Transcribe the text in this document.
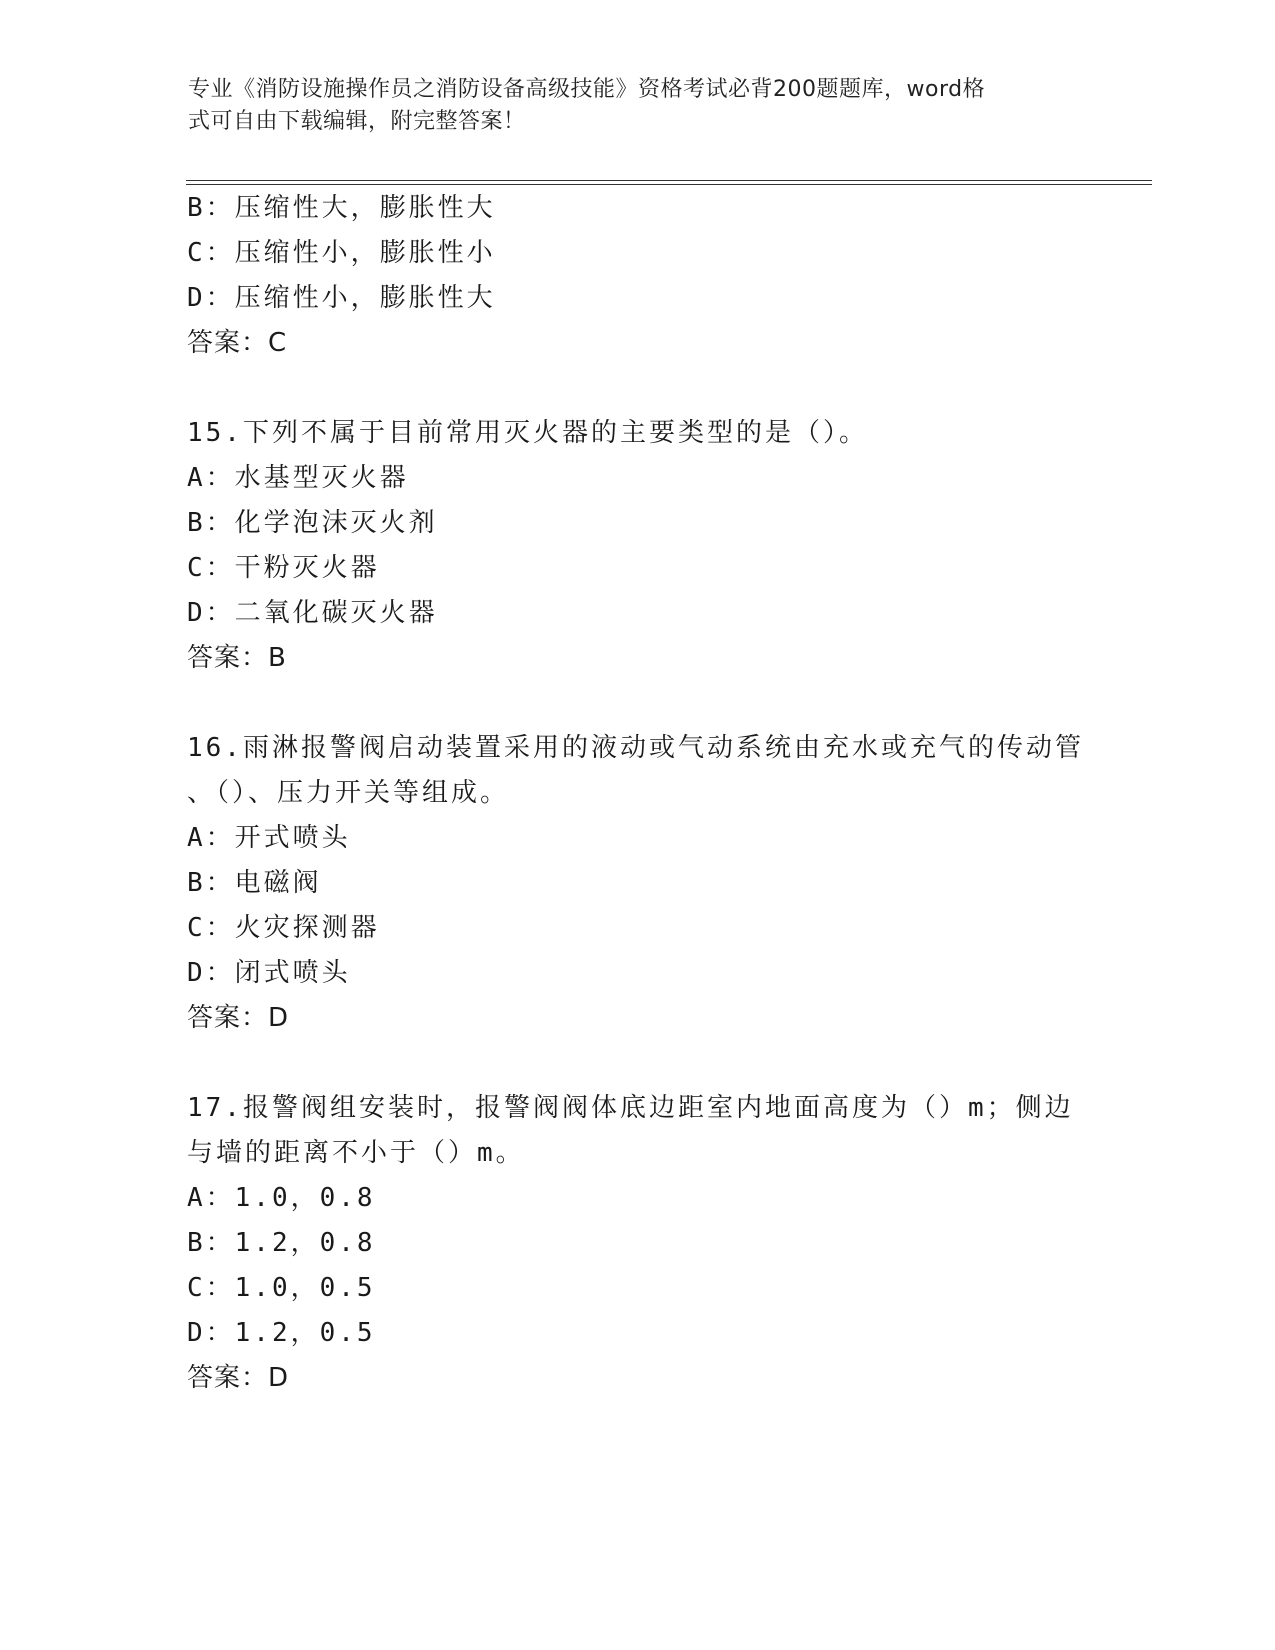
专业《消防设施操作员之消防设备高级技能》资格考试必背200题题库，word格
式可自由下载编辑，附完整答案！
B：压缩性大，膨胀性大
C：压缩性小，膨胀性小
D：压缩性小，膨胀性大
答案：C
15.下列不属于目前常用灭火器的主要类型的是（）。
A：水基型灭火器
B：化学泡沫灭火剂
C：干粉灭火器
D：二氧化碳灭火器
答案：B
16.雨淋报警阀启动装置采用的液动或气动系统由充水或充气的传动管
、（）、压力开关等组成。
A：开式喷头
B：电磁阀
C：火灾探测器
D：闭式喷头
答案：D
17.报警阀组安装时，报警阀阀体底边距室内地面高度为（）m；侧边
与墙的距离不小于（）m。
A：1.0，0.8
B：1.2，0.8
C：1.0，0.5
D：1.2，0.5
答案：D
